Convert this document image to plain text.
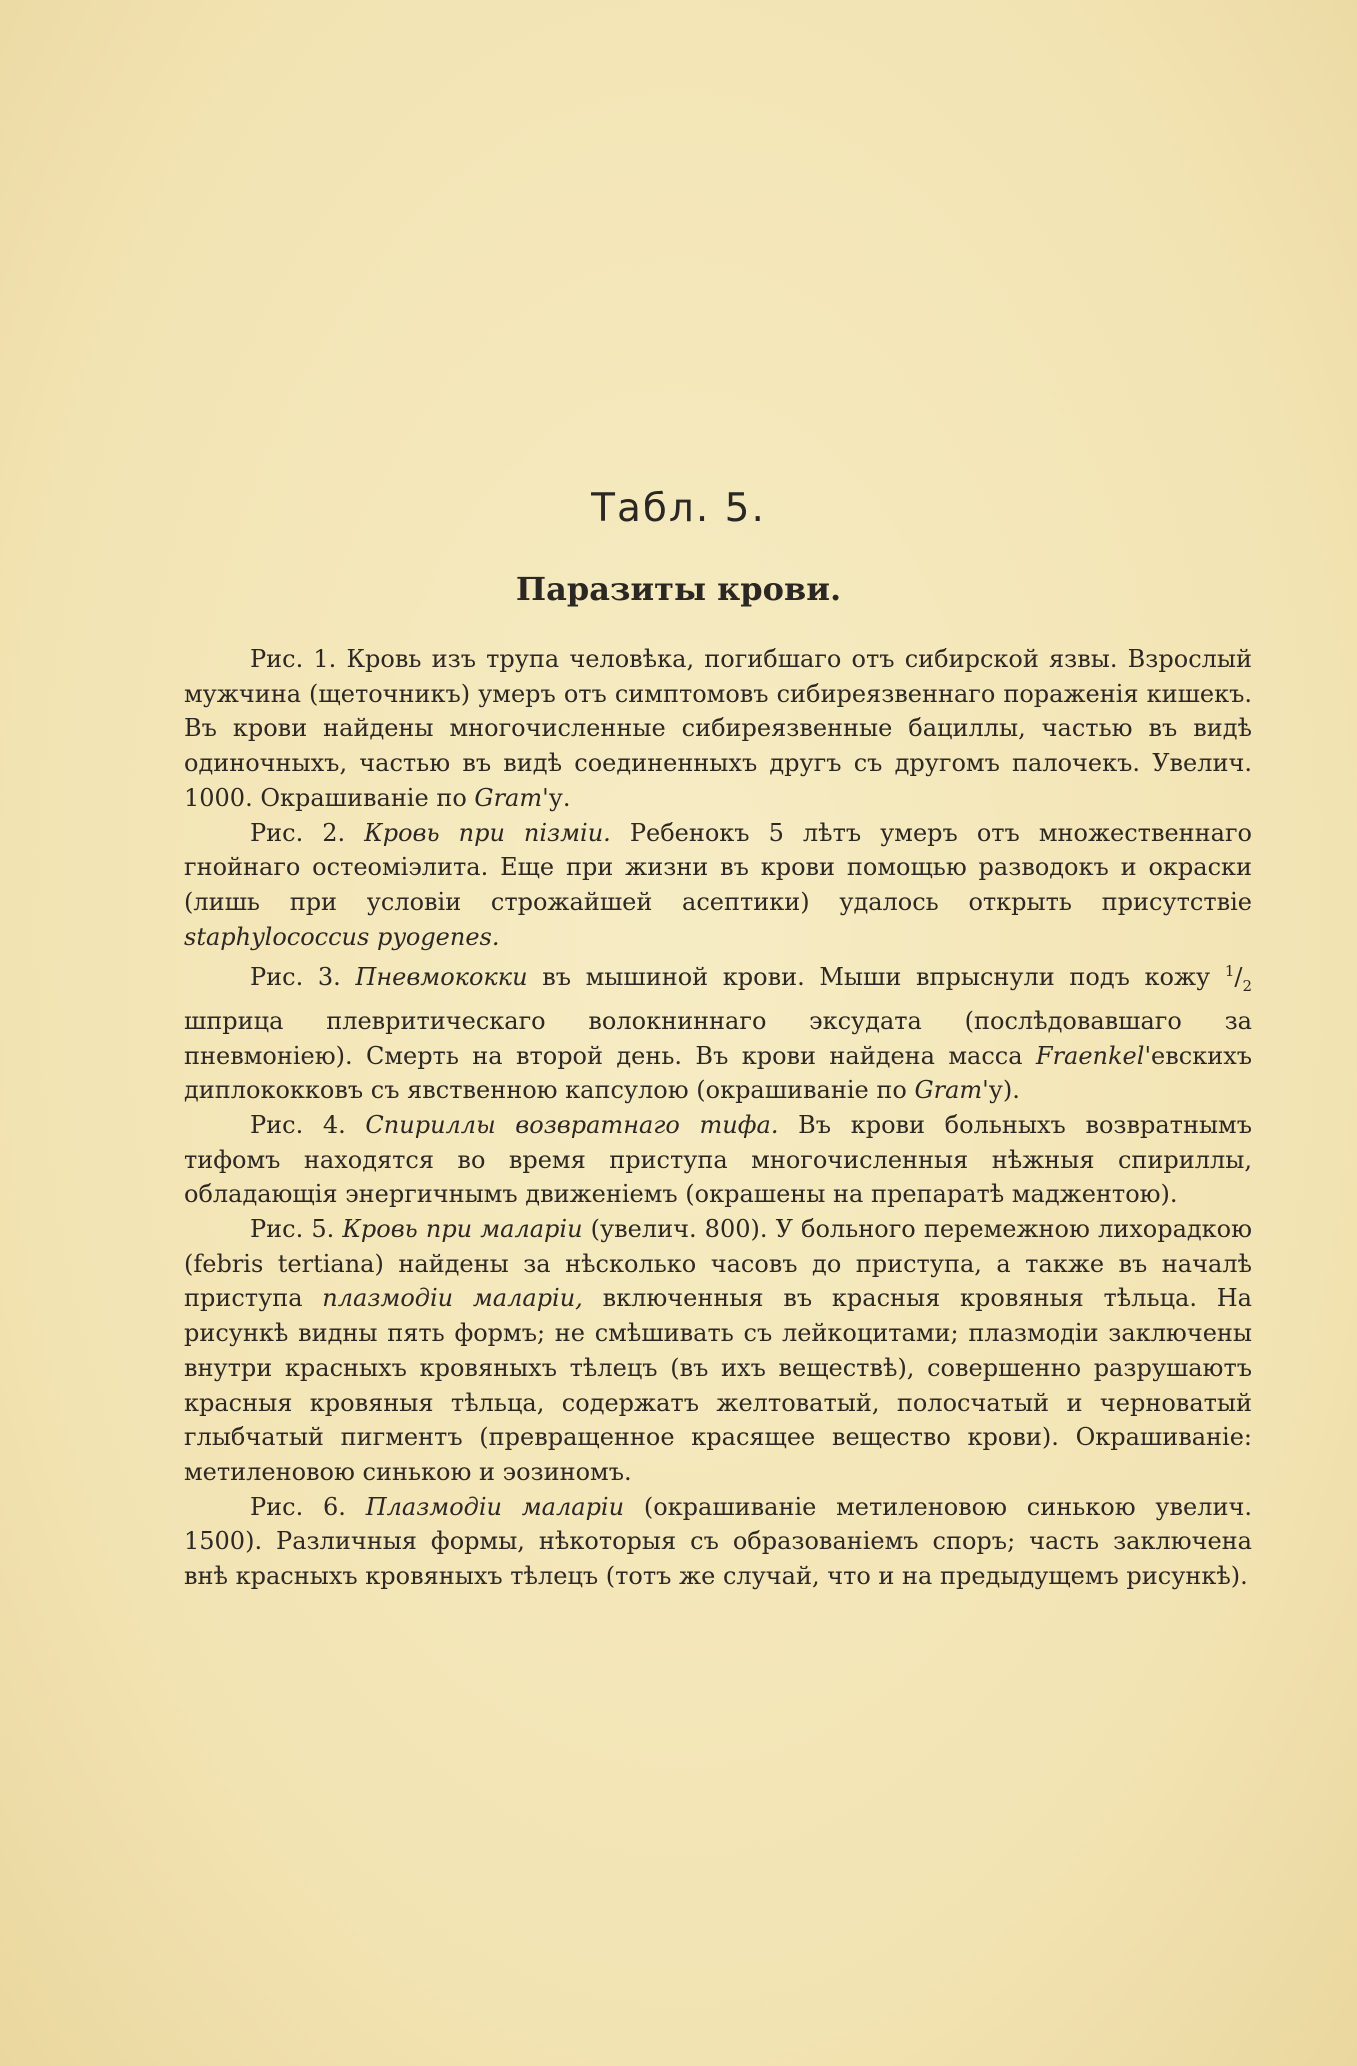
Табл. 5.
Паразиты крови.

Рис. 1. Кровь изъ трупа человѣка, погибшаго отъ сибирской язвы. Взрослый мужчина (щеточникъ) умеръ отъ симптомовъ сибиреязвеннаго пораженія кишекъ. Въ крови найдены многочисленные сибиреязвенные бациллы, частью въ видѣ одиночныхъ, частью въ видѣ соединенныхъ другъ съ другомъ палочекъ. Увелич. 1000. Окрашиваніе по Gram'у.

Рис. 2. Кровь при пізміи. Ребенокъ 5 лѣтъ умеръ отъ множественнаго гнойнаго остеоміэлита. Еще при жизни въ крови помощью разводокъ и окраски (лишь при условіи строжайшей асептики) удалось открыть присутствіе staphylococcus pyogenes.

Рис. 3. Пневмококки въ мышиной крови. Мыши впрыснули подъ кожу $^1/_2$ шприца плевритическаго волокниннаго эксудата (послѣдовавшаго за пневмоніею). Смерть на второй день. Въ крови найдена масса Fraenkel'евскихъ диплококковъ съ явственною капсулою (окрашиваніе по Gram'у).

Рис. 4. Спириллы возвратнаго тифа. Въ крови больныхъ возвратнымъ тифомъ находятся во время приступа многочисленныя нѣжныя спириллы, обладающія энергичнымъ движеніемъ (окрашены на препаратѣ маджентою).

Рис. 5. Кровь при маларіи (увелич. 800). У больного перемежною лихорадкою (febris tertiana) найдены за нѣсколько часовъ до приступа, а также въ началѣ приступа плазмодіи маларіи, включенныя въ красныя кровяныя тѣльца. На рисункѣ видны пять формъ; не смѣшивать съ лейкоцитами; плазмодіи заключены внутри красныхъ кровяныхъ тѣлецъ (въ ихъ веществѣ), совершенно разрушаютъ красныя кровяныя тѣльца, содержатъ желтоватый, полосчатый и черноватый глыбчатый пигментъ (превращенное красящее вещество крови). Окрашиваніе: метиленовою синькою и эозиномъ.

Рис. 6. Плазмодіи маларіи (окрашиваніе метиленовою синькою увелич. 1500). Различныя формы, нѣкоторыя съ образованіемъ споръ; часть заключена внѣ красныхъ кровяныхъ тѣлецъ (тотъ же случай, что и на предыдущемъ рисункѣ).
